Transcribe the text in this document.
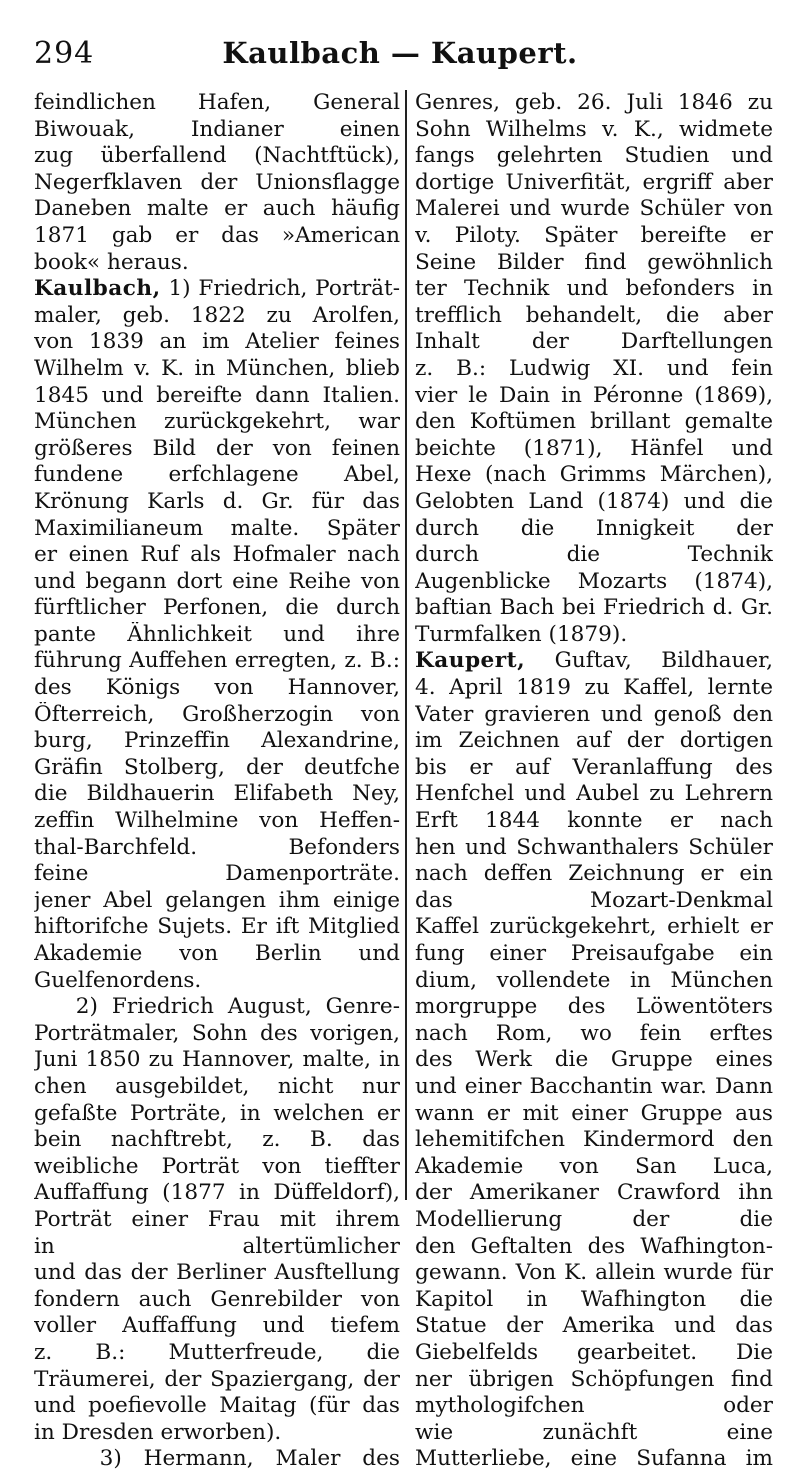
294	Kaulbach — Kaupert.
feindlichen Hafen, General
Biwouak, Indianer einen
zug überfallend (Nachtftück),
Negerfklaven der Unionsflagge
Daneben malte er auch häufig
1871 gab er das »American
book« heraus.
Kaulbach, 1) Friedrich, Porträt-
maler, geb. 1822 zu Arolfen,
von 1839 an im Atelier feines
Wilhelm v. K. in München, blieb
1845 und bereifte dann Italien.
München zurückgekehrt, war
größeres Bild der von feinen
fundene erfchlagene Abel,
Krönung Karls d. Gr. für das
Maximilianeum malte. Später
er einen Ruf als Hofmaler nach
und begann dort eine Reihe von
fürftlicher Perfonen, die durch
pante Ähnlichkeit und ihre
führung Auffehen erregten, z. B.:
des Königs von Hannover,
Öfterreich, Großherzogin von
burg, Prinzeffin Alexandrine,
Gräfin Stolberg, der deutfche
die Bildhauerin Elifabeth Ney,
zeffin Wilhelmine von Heffen-
thal-Barchfeld. Befonders
feine Damenporträte.
jener Abel gelangen ihm einige
hiftorifche Sujets. Er ift Mitglied
Akademie von Berlin und
Guelfenordens.
2) Friedrich August, Genre-
Porträtmaler, Sohn des vorigen,
Juni 1850 zu Hannover, malte, in
chen ausgebildet, nicht nur
gefaßte Porträte, in welchen er
bein nachftrebt, z. B. das
weibliche Porträt von tieffter
Auffaffung (1877 in Düffeldorf),
Porträt einer Frau mit ihrem
in altertümlicher
und das der Berliner Ausftellung
fondern auch Genrebilder von
voller Auffaffung und tiefem
z. B.: Mutterfreude, die
Träumerei, der Spaziergang, der
und poefievolle Maitag (für das
in Dresden erworben).
3) Hermann, Maler des
Genres, geb. 26. Juli 1846 zu
Sohn Wilhelms v. K., widmete
fangs gelehrten Studien und
dortige Univerfität, ergriff aber
Malerei und wurde Schüler von
v. Piloty. Später bereifte er
Seine Bilder find gewöhnlich
ter Technik und befonders in
trefflich behandelt, die aber
Inhalt der Darftellungen
z. B.: Ludwig XI. und fein
vier le Dain in Péronne (1869),
den Koftümen brillant gemalte
beichte (1871), Hänfel und
Hexe (nach Grimms Märchen),
Gelobten Land (1874) und die
durch die Innigkeit der
durch die Technik
Augenblicke Mozarts (1874),
baftian Bach bei Friedrich d. Gr.
Turmfalken (1879).
Kaupert, Guftav, Bildhauer,
4. April 1819 zu Kaffel, lernte
Vater gravieren und genoß den
im Zeichnen auf der dortigen
bis er auf Veranlaffung des
Henfchel und Aubel zu Lehrern
Erft 1844 konnte er nach
hen und Schwanthalers Schüler
nach deffen Zeichnung er ein
das Mozart-Denkmal
Kaffel zurückgekehrt, erhielt er
fung einer Preisaufgabe ein
dium, vollendete in München
morgruppe des Löwentöters
nach Rom, wo fein erftes
des Werk die Gruppe eines
und einer Bacchantin war. Dann
wann er mit einer Gruppe aus
lehemitifchen Kindermord den
Akademie von San Luca,
der Amerikaner Crawford ihn
Modellierung der die
den Geftalten des Wafhington-
gewann. Von K. allein wurde für
Kapitol in Wafhington die
Statue der Amerika und das
Giebelfelds gearbeitet. Die
ner übrigen Schöpfungen find
mythologifchen oder
wie zunächft eine
Mutterliebe, eine Sufanna im
